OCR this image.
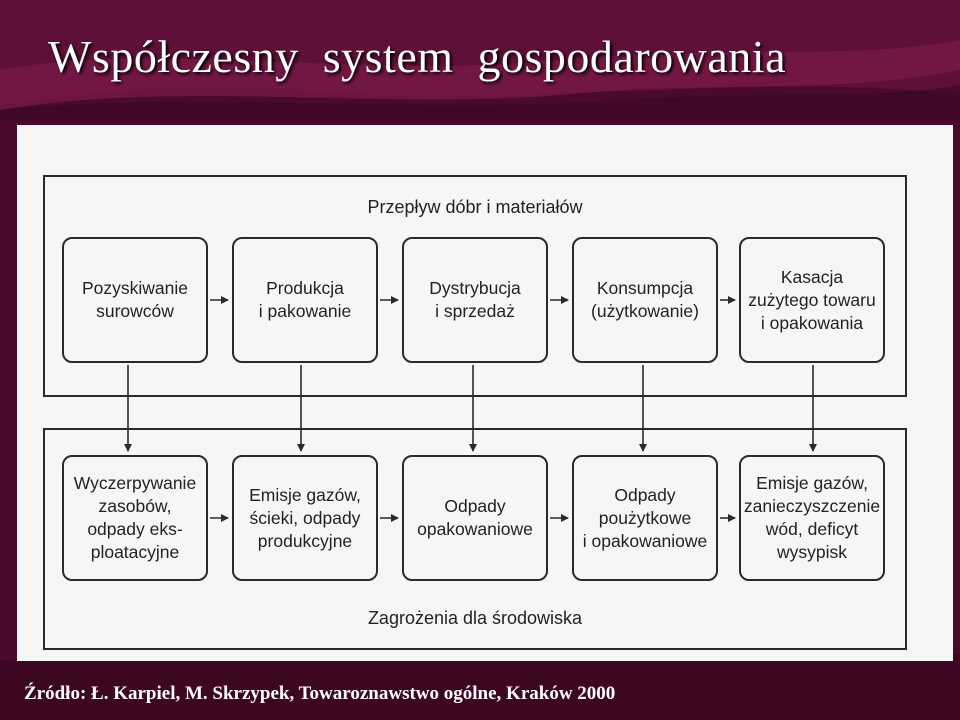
Współczesny  system  gospodarowania
Przepływ dóbr i materiałów
Zagrożenia dla środowiska
Pozyskiwanie
surowców
Produkcja
i pakowanie
Dystrybucja
i sprzedaż
Konsumpcja
(użytkowanie)
Kasacja
zużytego towaru
i opakowania
Wyczerpywanie
zasobów,
odpady eks-
ploatacyjne
Emisje gazów,
ścieki, odpady
produkcyjne
Odpady
opakowaniowe
Odpady
poużytkowe
i opakowaniowe
Emisje gazów,
zanieczyszczenie
wód, deficyt
wysypisk
Źródło: Ł. Karpiel, M. Skrzypek, Towaroznawstwo ogólne, Kraków 2000
